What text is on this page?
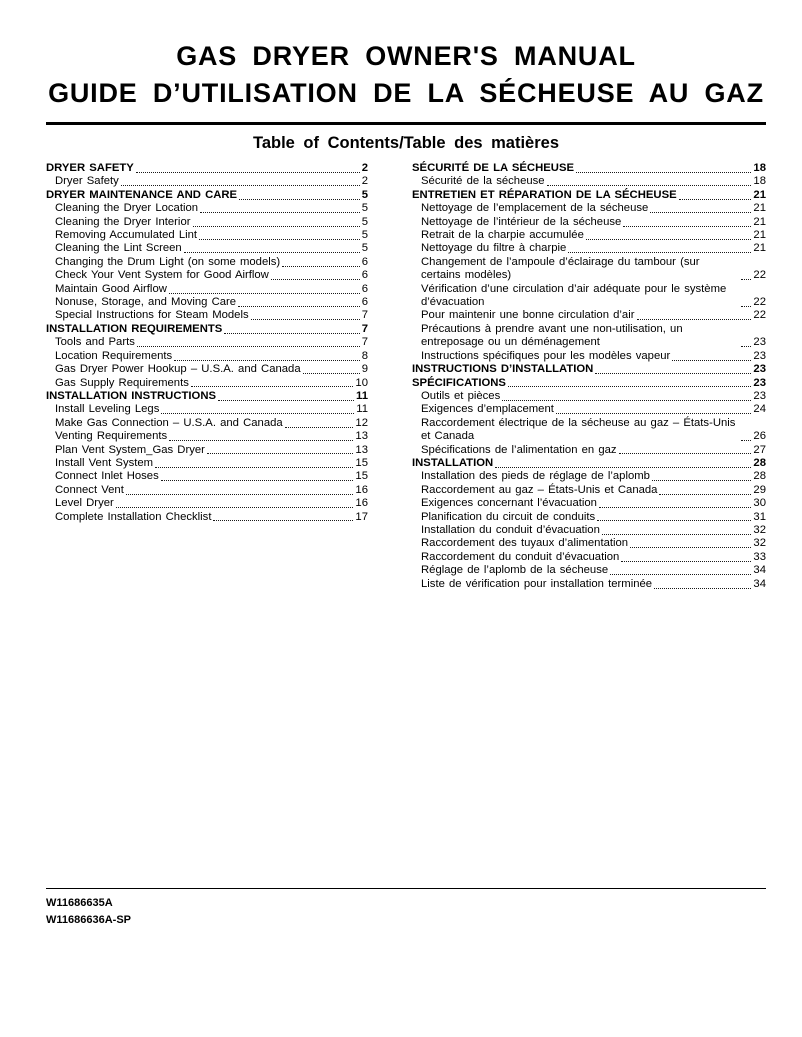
GAS DRYER OWNER'S MANUAL
GUIDE D’UTILISATION DE LA SÉCHEUSE AU GAZ
Table of Contents/Table des matières
DRYER SAFETY	2
Dryer Safety	2
DRYER MAINTENANCE AND CARE	5
Cleaning the Dryer Location	5
Cleaning the Dryer Interior	5
Removing Accumulated Lint	5
Cleaning the Lint Screen	5
Changing the Drum Light (on some models)	6
Check Your Vent System for Good Airflow	6
Maintain Good Airflow	6
Nonuse, Storage, and Moving Care	6
Special Instructions for Steam Models	7
INSTALLATION REQUIREMENTS	7
Tools and Parts	7
Location Requirements	8
Gas Dryer Power Hookup – U.S.A. and Canada	9
Gas Supply Requirements	10
INSTALLATION INSTRUCTIONS	11
Install Leveling Legs	11
Make Gas Connection – U.S.A. and Canada	12
Venting Requirements	13
Plan Vent System_Gas Dryer	13
Install Vent System	15
Connect Inlet Hoses	15
Connect Vent	16
Level Dryer	16
Complete Installation Checklist	17
SÉCURITÉ DE LA SÉCHEUSE	18
Sécurité de la sécheuse	18
ENTRETIEN ET RÉPARATION DE LA SÉCHEUSE	21
Nettoyage de l’emplacement de la sécheuse	21
Nettoyage de l’intérieur de la sécheuse	21
Retrait de la charpie accumulée	21
Nettoyage du filtre à charpie	21
Changement de l’ampoule d’éclairage du tambour (sur certains modèles)	22
Vérification d’une circulation d’air adéquate pour le système d’évacuation	22
Pour maintenir une bonne circulation d’air	22
Précautions à prendre avant une non-utilisation, un entreposage ou un déménagement	23
Instructions spécifiques pour les modèles vapeur	23
INSTRUCTIONS D’INSTALLATION	23
SPÉCIFICATIONS	23
Outils et pièces	23
Exigences d’emplacement	24
Raccordement électrique de la sécheuse au gaz – États-Unis et Canada	26
Spécifications de l’alimentation en gaz	27
INSTALLATION	28
Installation des pieds de réglage de l’aplomb	28
Raccordement au gaz – États-Unis et Canada	29
Exigences concernant l’évacuation	30
Planification du circuit de conduits	31
Installation du conduit d’évacuation	32
Raccordement des tuyaux d’alimentation	32
Raccordement du conduit d’évacuation	33
Réglage de l’aplomb de la sécheuse	34
Liste de vérification pour installation terminée	34
W11686635A
W11686636A-SP
